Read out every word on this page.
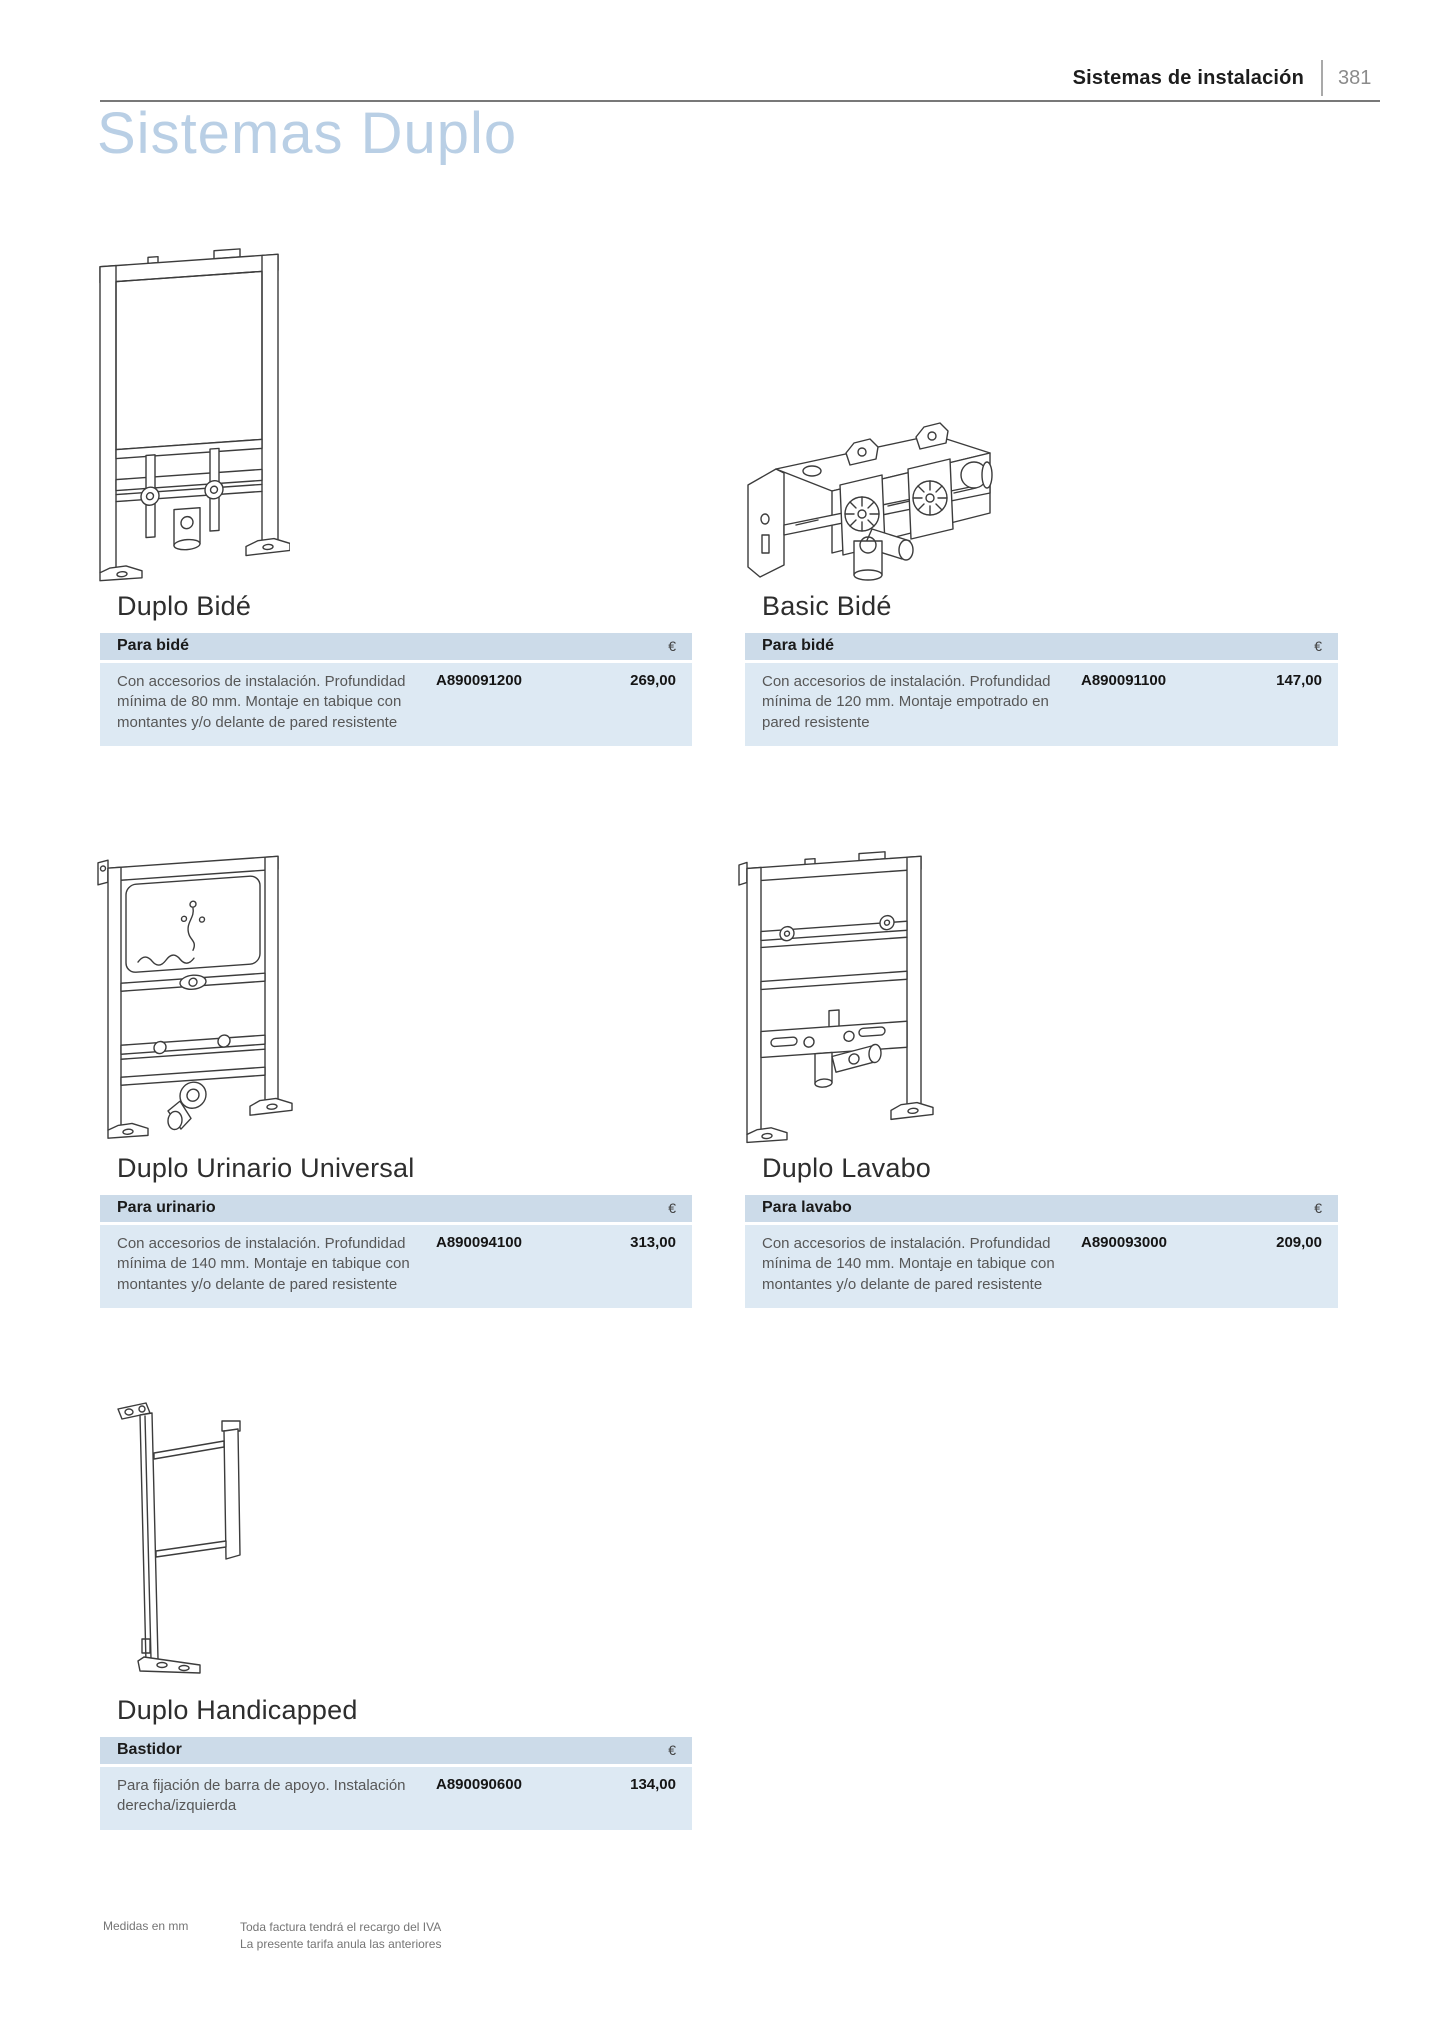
Sistemas de instalación 381
Sistemas Duplo
Duplo Bidé
Para bidé	€
Con accesorios de instalación. Profundidad mínima de 80 mm. Montaje en tabique con montantes y/o delante de pared resistente
A890091200	269,00
Basic Bidé
Para bidé	€
Con accesorios de instalación. Profundidad mínima de 120 mm. Montaje empotrado en pared resistente
A890091100	147,00
Duplo Urinario Universal
Para urinario	€
Con accesorios de instalación. Profundidad mínima de 140 mm. Montaje en tabique con montantes y/o delante de pared resistente
A890094100	313,00
Duplo Lavabo
Para lavabo	€
Con accesorios de instalación. Profundidad mínima de 140 mm. Montaje en tabique con montantes y/o delante de pared resistente
A890093000	209,00
Duplo Handicapped
Bastidor	€
Para fijación de barra de apoyo. Instalación derecha/izquierda
A890090600	134,00
Medidas en mm	Toda factura tendrá el recargo del IVA
La presente tarifa anula las anteriores
